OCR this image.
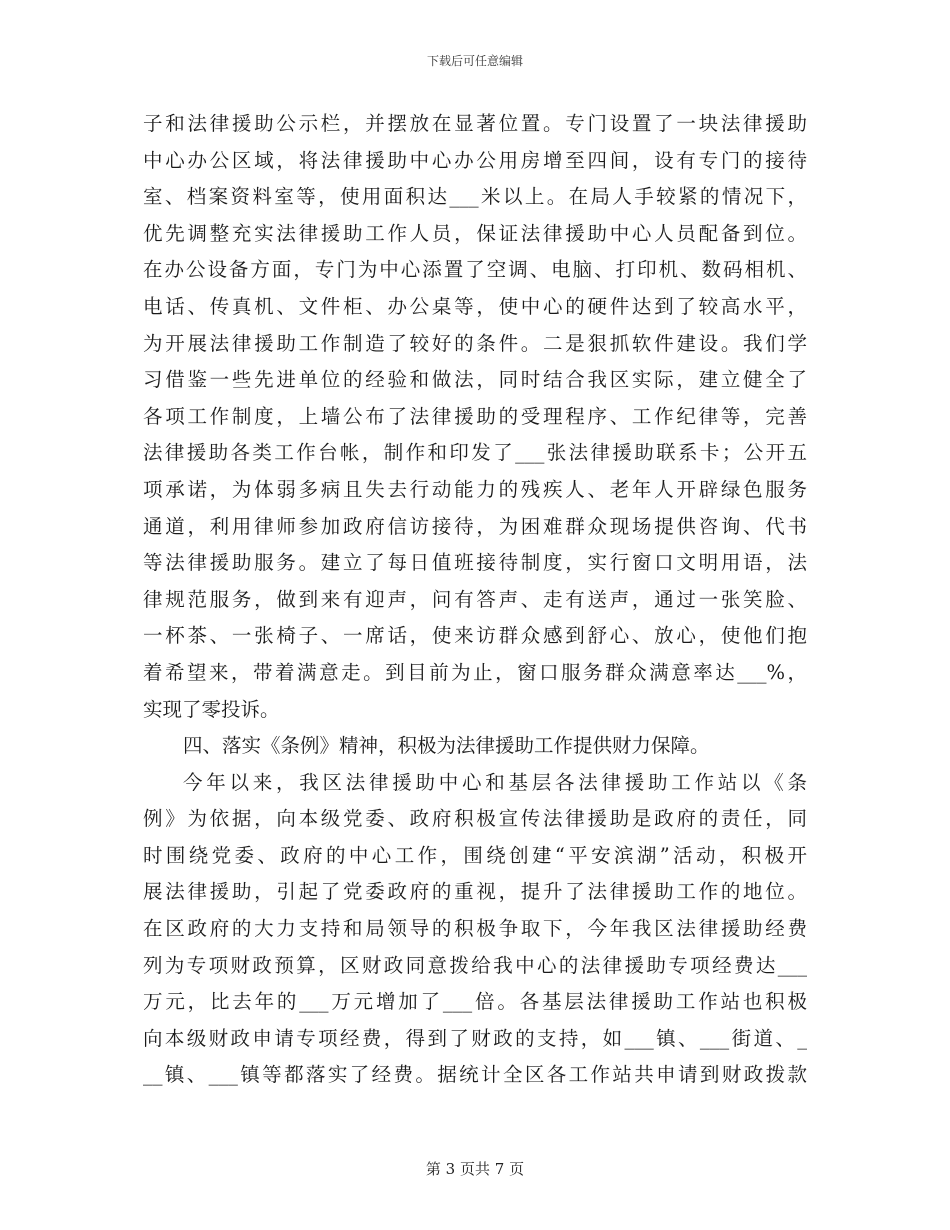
下载后可任意编辑
子和法律援助公示栏，并摆放在显著位置。专门设置了一块法律援助
中心办公区域，将法律援助中心办公用房增至四间，设有专门的接待
室、档案资料室等，使用面积达___米以上。在局人手较紧的情况下，
优先调整充实法律援助工作人员，保证法律援助中心人员配备到位。
在办公设备方面，专门为中心添置了空调、电脑、打印机、数码相机、
电话、传真机、文件柜、办公桌等，使中心的硬件达到了较高水平，
为开展法律援助工作制造了较好的条件。二是狠抓软件建设。我们学
习借鉴一些先进单位的经验和做法，同时结合我区实际，建立健全了
各项工作制度，上墙公布了法律援助的受理程序、工作纪律等，完善
法律援助各类工作台帐，制作和印发了___张法律援助联系卡；公开五
项承诺，为体弱多病且失去行动能力的残疾人、老年人开辟绿色服务
通道，利用律师参加政府信访接待，为困难群众现场提供咨询、代书
等法律援助服务。建立了每日值班接待制度，实行窗口文明用语，法
律规范服务，做到来有迎声，问有答声、走有送声，通过一张笑脸、
一杯茶、一张椅子、一席话，使来访群众感到舒心、放心，使他们抱
着希望来，带着满意走。到目前为止，窗口服务群众满意率达___%，
实现了零投诉。
四、落实《条例》精神，积极为法律援助工作提供财力保障。
今年以来，我区法律援助中心和基层各法律援助工作站以《条
例》为依据，向本级党委、政府积极宣传法律援助是政府的责任，同
时围绕党委、政府的中心工作，围绕创建“平安滨湖”活动，积极开
展法律援助，引起了党委政府的重视，提升了法律援助工作的地位。
在区政府的大力支持和局领导的积极争取下，今年我区法律援助经费
列为专项财政预算，区财政同意拨给我中心的法律援助专项经费达___
万元，比去年的___万元增加了___倍。各基层法律援助工作站也积极
向本级财政申请专项经费，得到了财政的支持，如___镇、___街道、_
__镇、___镇等都落实了经费。据统计全区各工作站共申请到财政拨款
第 3 页共 7 页
